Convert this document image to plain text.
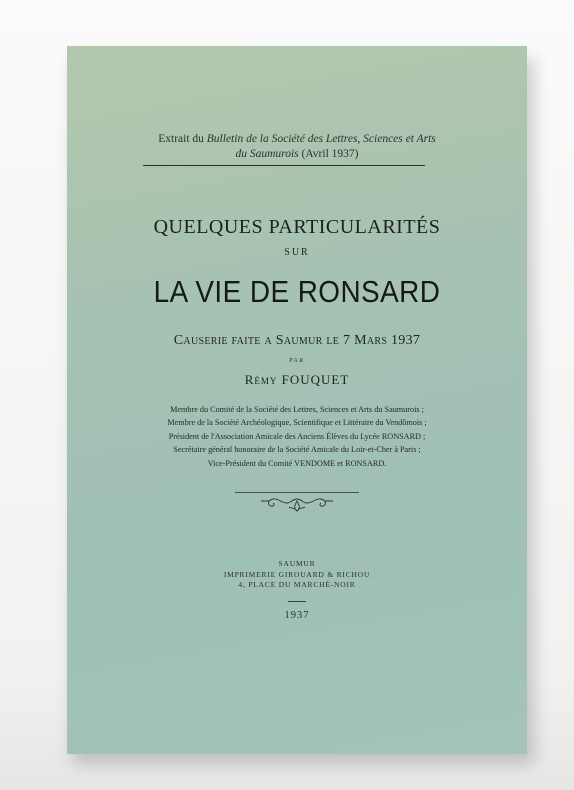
Extrait du Bulletin de la Société des Lettres, Sciences et Arts
du Saumurois (Avril 1937)
QUELQUES PARTICULARITÉS
SUR
LA VIE DE RONSARD
Causerie faite a Saumur le 7 Mars 1937
PAR
Rémy FOUQUET
Membre du Comité de la Société des Lettres, Sciences et Arts du Saumurois ;
Membre de la Société Archéologique, Scientifique et Littéraire du Vendômois ;
Président de l'Association Amicale des Anciens Élèves du Lycée RONSARD ;
Secrétaire général honoraire de la Société Amicale du Loir-et-Cher à Paris ;
Vice-Président du Comité VENDOME et RONSARD.
SAUMUR
IMPRIMERIE GIROUARD & RICHOU
4, PLACE DU MARCHÉ-NOIR
1937
